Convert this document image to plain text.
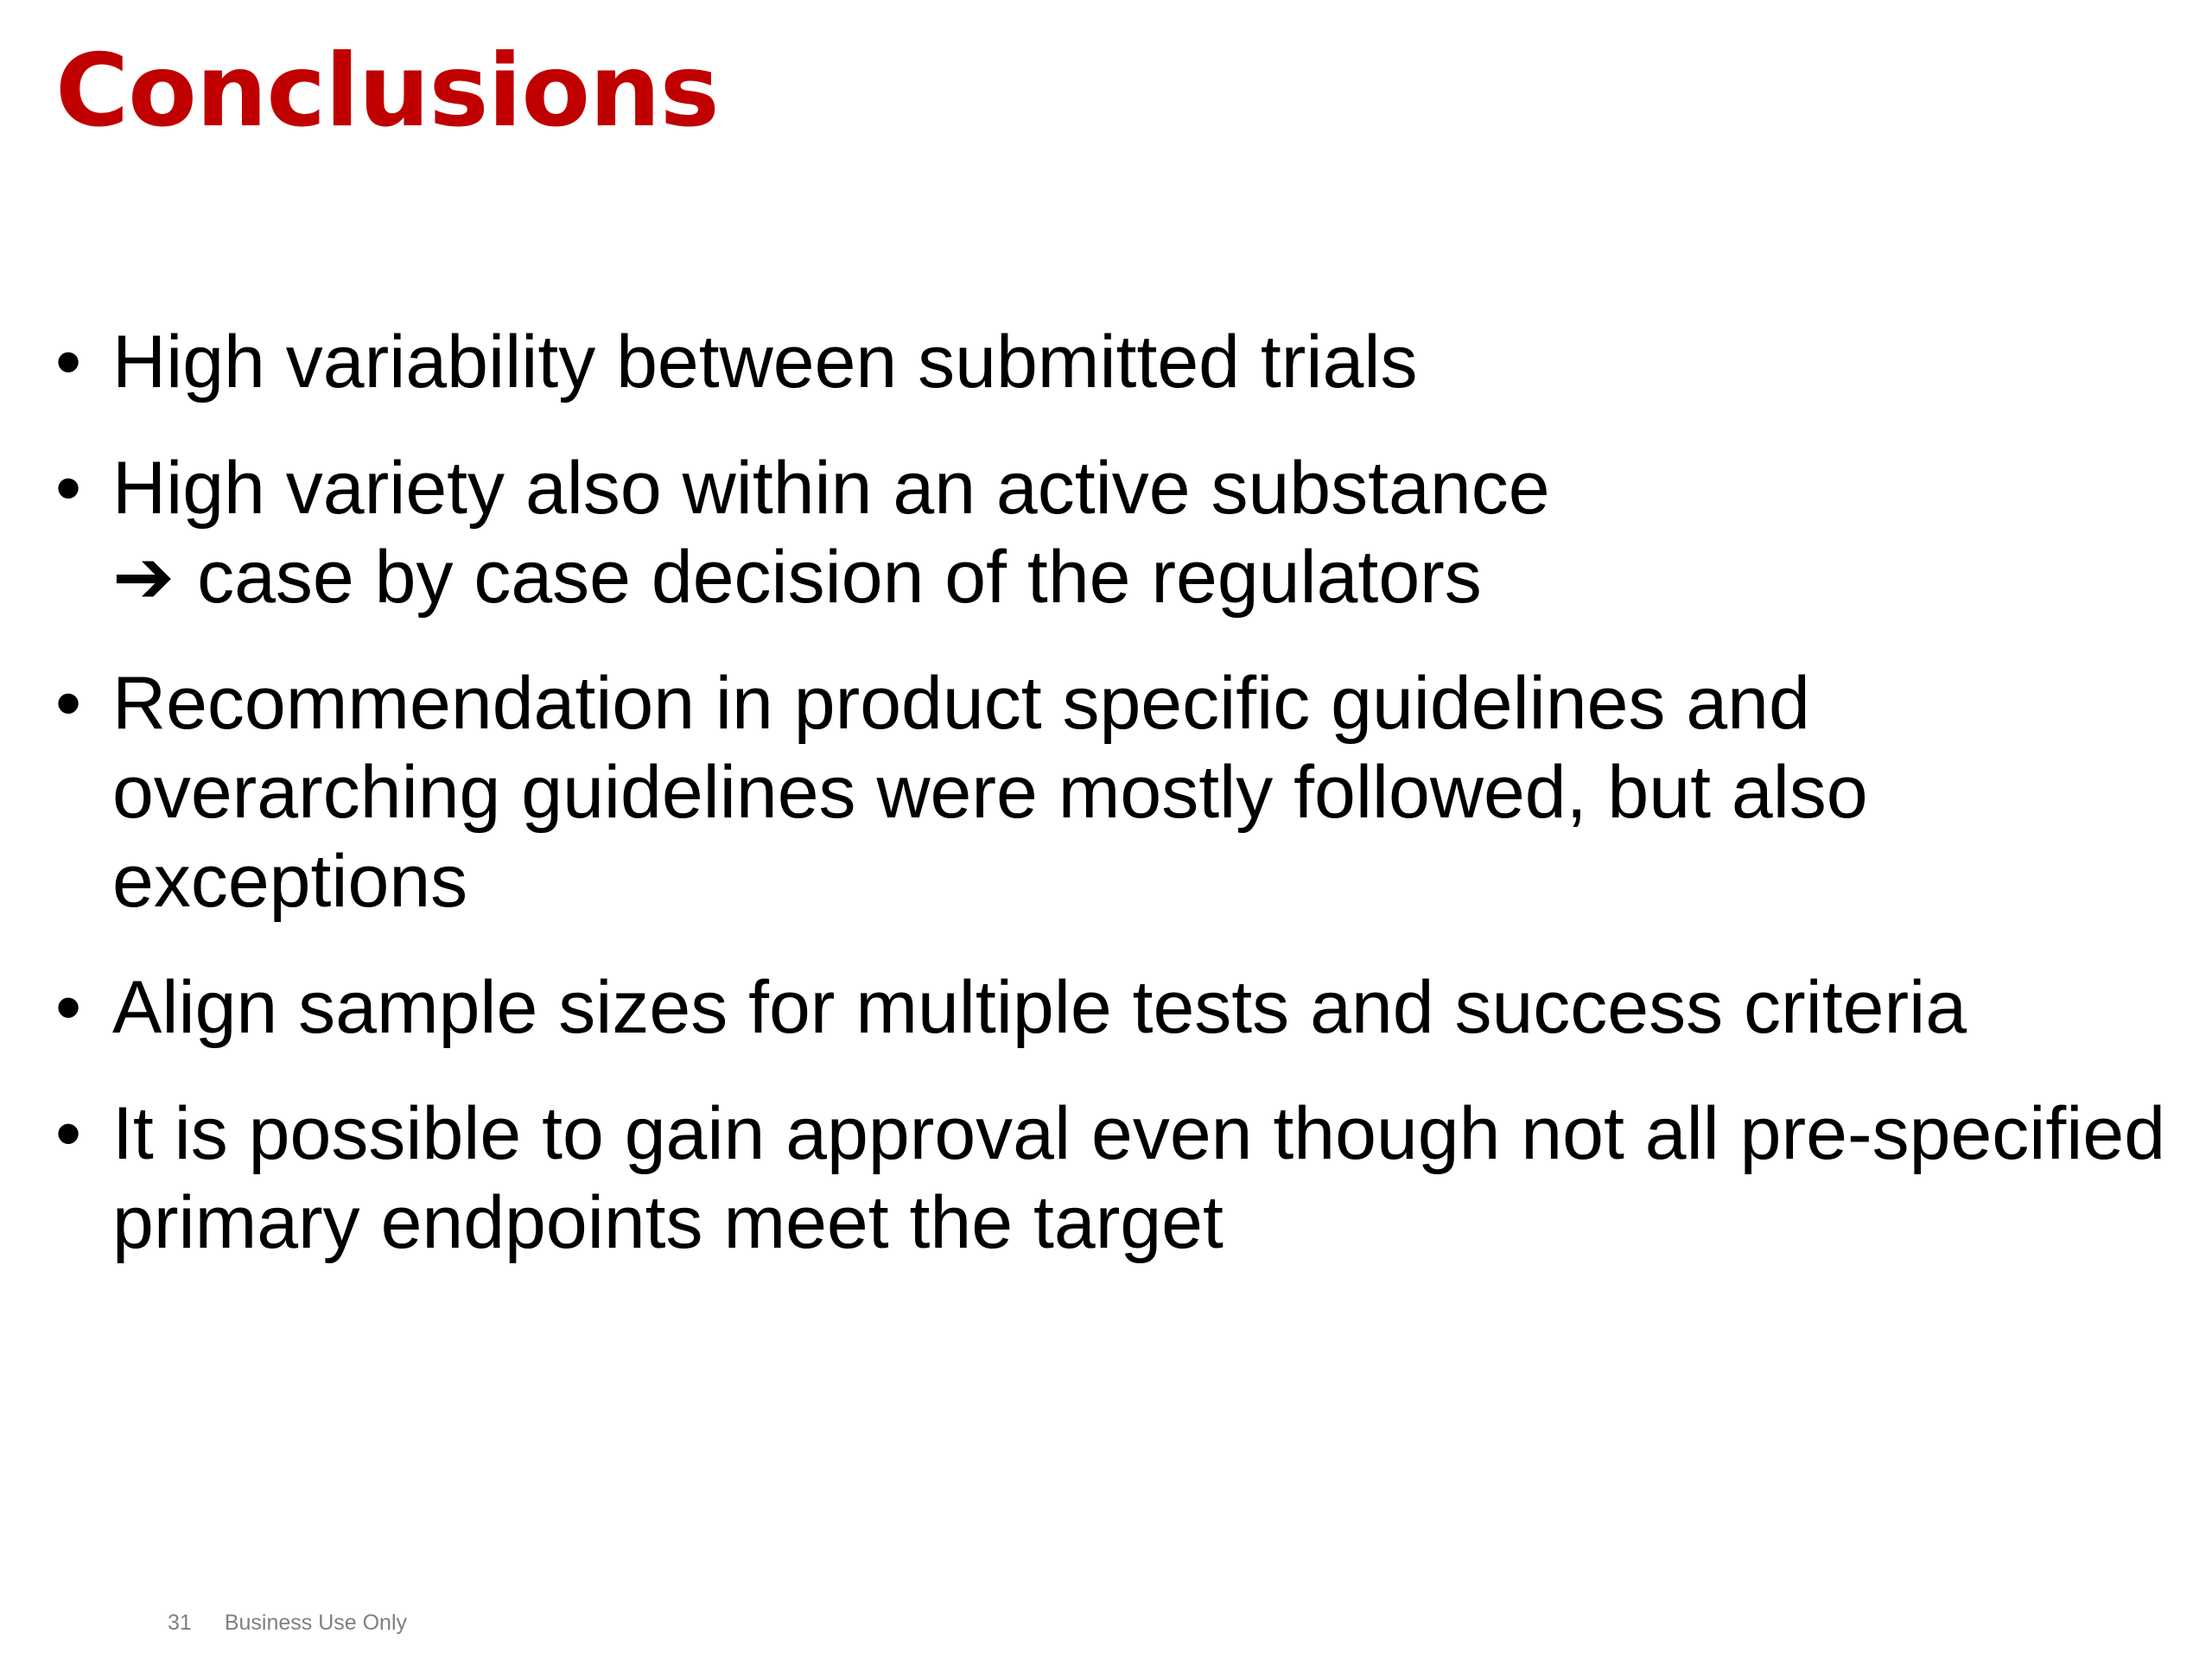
Conclusions
• High variability between submitted trials
• High variety also within an active substance
➔ case by case decision of the regulators
• Recommendation in product specific guidelines and
overarching guidelines were mostly followed, but also
exceptions
• Align sample sizes for multiple tests and success criteria
• It is possible to gain approval even though not all pre-specified
primary endpoints meet the target
31 Business Use Only
